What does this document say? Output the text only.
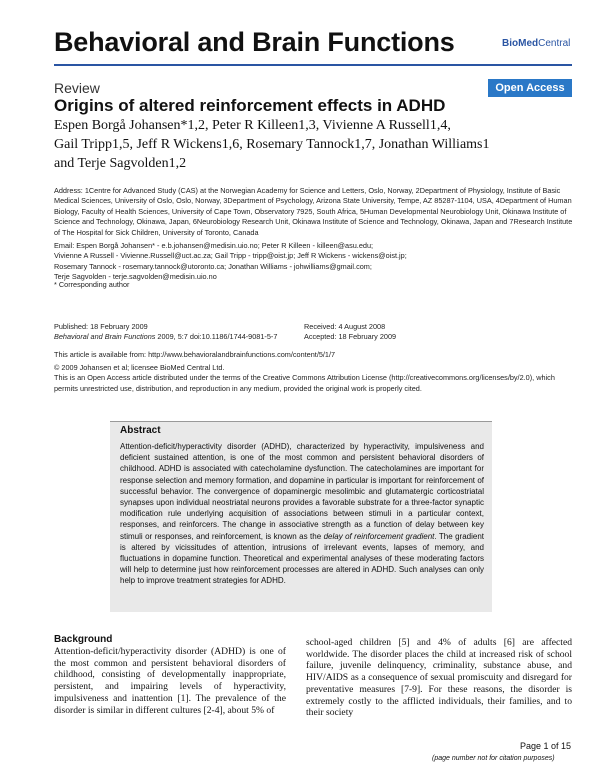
Behavioral and Brain Functions	BioMedCentral
Review	Open Access
Origins of altered reinforcement effects in ADHD
Espen Borgå Johansen*1,2, Peter R Killeen1,3, Vivienne A Russell1,4,
Gail Tripp1,5, Jeff R Wickens1,6, Rosemary Tannock1,7, Jonathan Williams1
and Terje Sagvolden1,2
Address: 1Centre for Advanced Study (CAS) at the Norwegian Academy for Science and Letters, Oslo, Norway, 2Department of Physiology, Institute of Basic Medical Sciences, University of Oslo, Oslo, Norway, 3Department of Psychology, Arizona State University, Tempe, AZ 85287-1104, USA, 4Department of Human Biology, Faculty of Health Sciences, University of Cape Town, Observatory 7925, South Africa, 5Human Developmental Neurobiology Unit, Okinawa Institute of Science and Technology, Okinawa, Japan, 6Neurobiology Research Unit, Okinawa Institute of Science and Technology, Okinawa, Japan and 7Research Institute of The Hospital for Sick Children, University of Toronto, Canada
Email: Espen Borgå Johansen* - e.b.johansen@medisin.uio.no; Peter R Killeen - killeen@asu.edu;
Vivienne A Russell - Vivienne.Russell@uct.ac.za; Gail Tripp - tripp@oist.jp; Jeff R Wickens - wickens@oist.jp;
Rosemary Tannock - rosemary.tannock@utoronto.ca; Jonathan Williams - johwilliams@gmail.com;
Terje Sagvolden - terje.sagvolden@medisin.uio.no
* Corresponding author
Published: 18 February 2009
Behavioral and Brain Functions 2009, 5:7 doi:10.1186/1744-9081-5-7
Received: 4 August 2008
Accepted: 18 February 2009
This article is available from: http://www.behavioralandbrainfunctions.com/content/5/1/7
© 2009 Johansen et al; licensee BioMed Central Ltd.
This is an Open Access article distributed under the terms of the Creative Commons Attribution License (http://creativecommons.org/licenses/by/2.0), which permits unrestricted use, distribution, and reproduction in any medium, provided the original work is properly cited.
Abstract
Attention-deficit/hyperactivity disorder (ADHD), characterized by hyperactivity, impulsiveness and deficient sustained attention, is one of the most common and persistent behavioral disorders of childhood. ADHD is associated with catecholamine dysfunction. The catecholamines are important for response selection and memory formation, and dopamine in particular is important for reinforcement of successful behavior. The convergence of dopaminergic mesolimbic and glutamatergic corticostriatal synapses upon individual neostriatal neurons provides a favorable substrate for a three-factor synaptic modification rule underlying acquisition of associations between stimuli in a particular context, responses, and reinforcers. The change in associative strength as a function of delay between key stimuli or responses, and reinforcement, is known as the delay of reinforcement gradient. The gradient is altered by vicissitudes of attention, intrusions of irrelevant events, lapses of memory, and fluctuations in dopamine function. Theoretical and experimental analyses of these moderating factors will help to determine just how reinforcement processes are altered in ADHD. Such analyses can only help to improve treatment strategies for ADHD.
Background
Attention-deficit/hyperactivity disorder (ADHD) is one of the most common and persistent behavioral disorders of childhood, consisting of developmentally inappropriate, persistent, and impairing levels of hyperactivity, impulsiveness and inattention [1]. The prevalence of the disorder is similar in different cultures [2-4], about 5% of
school-aged children [5] and 4% of adults [6] are affected worldwide. The disorder places the child at increased risk of school failure, juvenile delinquency, criminality, substance abuse, and HIV/AIDS as a consequence of sexual promiscuity and disregard for preventative measures [7-9]. For these reasons, the disorder is extremely costly to the afflicted individuals, their families, and to their society
Page 1 of 15
(page number not for citation purposes)
